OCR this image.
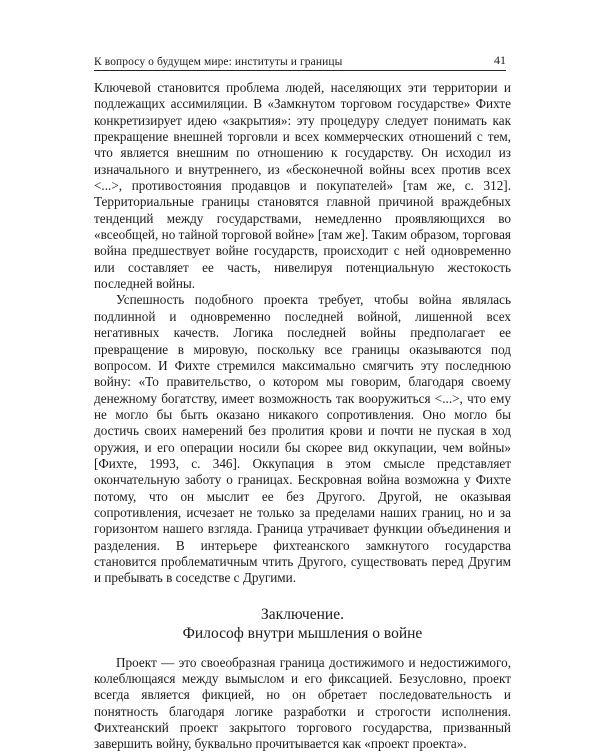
К вопросу о будущем мире: институты и границы	41

Ключевой становится проблема людей, населяющих эти территории и подлежащих ассимиляции. В «Замкнутом торговом государстве» Фихте конкретизирует идею «закрытия»: эту процедуру следует понимать как прекращение внешней торговли и всех коммерческих отношений с тем, что является внешним по отношению к государству. Он исходил из изначального и внутреннего, из «бесконечной войны всех против всех <...>, противостояния продавцов и покупателей» [там же, с. 312]. Территориальные границы становятся главной причиной враждебных тенденций между государствами, немедленно проявляющихся во «всеобщей, но тайной торговой войне» [там же]. Таким образом, торговая война предшествует войне государств, происходит с ней одновременно или составляет ее часть, нивелируя потенциальную жестокость последней войны.

Успешность подобного проекта требует, чтобы война являлась подлинной и одновременно последней войной, лишенной всех негативных качеств. Логика последней войны предполагает ее превращение в мировую, поскольку все границы оказываются под вопросом. И Фихте стремился максимально смягчить эту последнюю войну: «То правительство, о котором мы говорим, благодаря своему денежному богатству, имеет возможность так вооружиться <...>, что ему не могло бы быть оказано никакого сопротивления. Оно могло бы достичь своих намерений без пролития крови и почти не пуская в ход оружия, и его операции носили бы скорее вид оккупации, чем войны» [Фихте, 1993, с. 346]. Оккупация в этом смысле представляет окончательную заботу о границах. Бескровная война возможна у Фихте потому, что он мыслит ее без Другого. Другой, не оказывая сопротивления, исчезает не только за пределами наших границ, но и за горизонтом нашего взгляда. Граница утрачивает функции объединения и разделения. В интерьере фихтеанского замкнутого государства становится проблематичным чтить Другого, существовать перед Другим и пребывать в соседстве с Другими.

Заключение.
Философ внутри мышления о войне

Проект — это своеобразная граница достижимого и недостижимого, колеблющаяся между вымыслом и его фиксацией. Безусловно, проект всегда является фикцией, но он обретает последовательность и понятность благодаря логике разработки и строгости исполнения. Фихтеанский проект закрытого торгового государства, призванный завершить войну, буквально прочитывается как «проект проекта».
